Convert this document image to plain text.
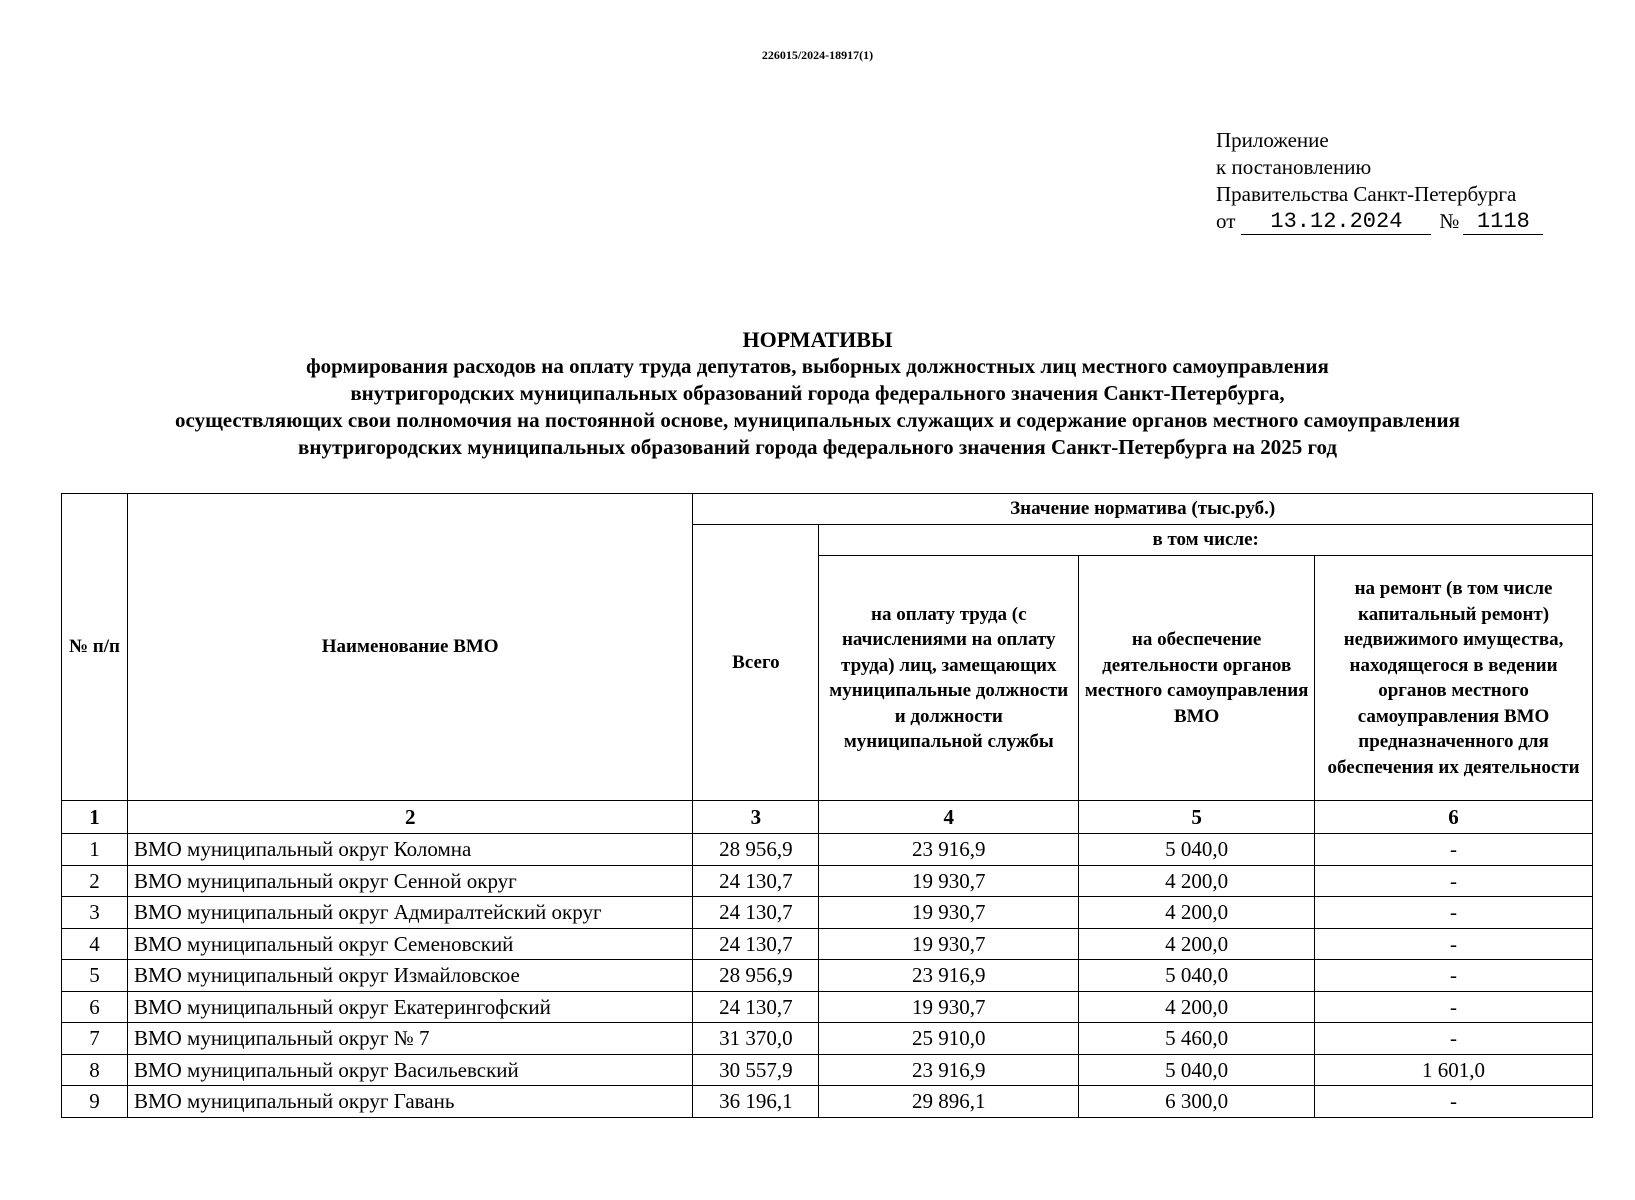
226015/2024-18917(1)
Приложение
к постановлению
Правительства Санкт-Петербурга
от	13.12.2024	№ 1118
НОРМАТИВЫ
формирования расходов на оплату труда депутатов, выборных должностных лиц местного самоуправления
внутригородских муниципальных образований города федерального значения Санкт-Петербурга,
осуществляющих свои полномочия на постоянной основе, муниципальных служащих и содержание органов местного самоуправления
внутригородских муниципальных образований города федерального значения Санкт-Петербурга на 2025 год
№ п/п	Наименование ВМО	Значение норматива (тыс.руб.)			
		Всего	в том числе:		
			на оплату труда (с начислениями на оплату труда) лиц, замещающих муниципальные должности и должности муниципальной службы	на обеспечение деятельности органов местного самоуправления ВМО	на ремонт (в том числе капитальный ремонт) недвижимого имущества, находящегося в ведении органов местного самоуправления ВМО предназначенного для обеспечения их деятельности
1	2	3	4	5	6
1	ВМО муниципальный округ Коломна	28 956,9	23 916,9	5 040,0	-
2	ВМО муниципальный округ Сенной округ	24 130,7	19 930,7	4 200,0	-
3	ВМО муниципальный округ Адмиралтейский округ	24 130,7	19 930,7	4 200,0	-
4	ВМО муниципальный округ Семеновский	24 130,7	19 930,7	4 200,0	-
5	ВМО муниципальный округ Измайловское	28 956,9	23 916,9	5 040,0	-
6	ВМО муниципальный округ Екатерингофский	24 130,7	19 930,7	4 200,0	-
7	ВМО муниципальный округ № 7	31 370,0	25 910,0	5 460,0	-
8	ВМО муниципальный округ Васильевский	30 557,9	23 916,9	5 040,0	1 601,0
9	ВМО муниципальный округ Гавань	36 196,1	29 896,1	6 300,0	-
